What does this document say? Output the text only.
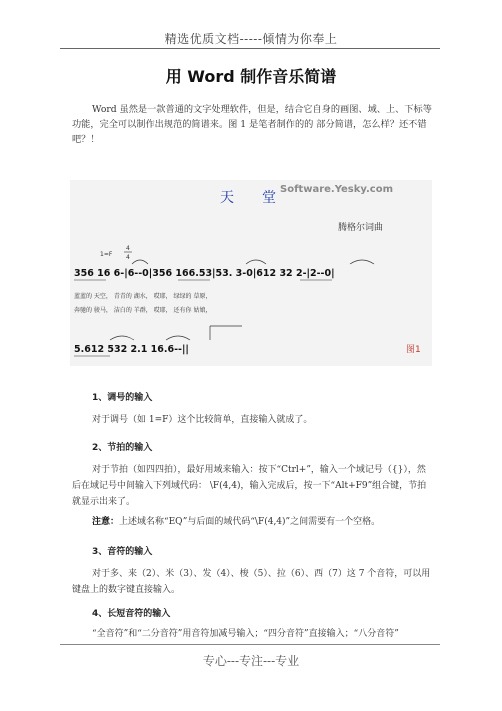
精选优质文档-----倾情为你奉上
用 Word 制作音乐简谱
Word 虽然是一款普通的文字处理软件，但是，结合它自身的画图、域、上、下标等功能，完全可以制作出规范的简谱来。图 1 是笔者制作的的 部分简谱，怎么样？还不错吧？！
天　　堂
Software.Yesky.com
腾格尔词曲
1=F
4
4
356 16 6-|6--0|356 166.53|53. 3-0|612 32 2-|2--0|
蓝蓝的 天空， 青青的 湖水， 哎耶， 绿绿的 草原，
奔驰的 骏马， 洁白的 羊群， 哎耶， 还有你 姑娘，
5.612 532 2.1 16.6--||	图1
1、调号的输入
对于调号（如 1=F）这个比较简单，直接输入就成了。
2、节拍的输入
对于节拍（如四四拍），最好用域来输入：按下“Ctrl+”，输入一个域记号（{}），然后在域记号中间输入下列域代码： \F(4,4)，输入完成后，按一下“Alt+F9”组合键，节拍就显示出来了。
注意：上述域名称“EQ”与后面的域代码“\F(4,4)”之间需要有一个空格。
3、音符的输入
对于多、来（2）、米（3）、发（4）、梭（5）、拉（6）、西（7）这 7 个音符，可以用键盘上的数字键直接输入。
4、长短音符的输入
“全音符”和“二分音符”用音符加减号输入；“四分音符”直接输入；“八分音符”
专心---专注---专业
